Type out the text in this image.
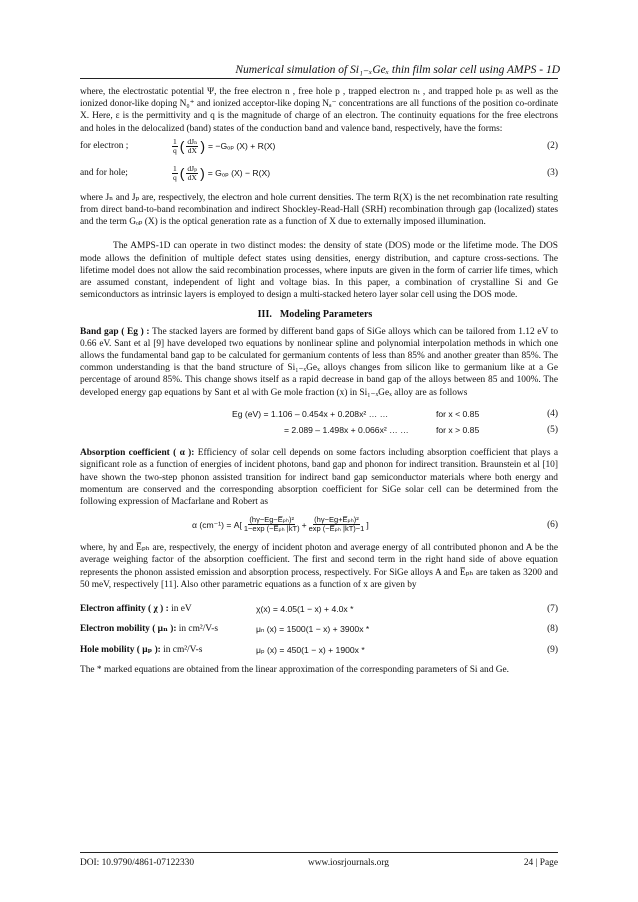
Numerical simulation of Si₁₋ₓGeₓ thin film solar cell using AMPS - 1D

where, the electrostatic potential Ψ, the free electron n , free hole p , trapped electron nₜ , and trapped hole pₜ as well as the ionized donor-like doping N₀⁺ and ionized acceptor-like doping Nₐ⁻ concentrations are all functions of the position co-ordinate X. Here, ε is the permittivity and q is the magnitude of charge of an electron. The continuity equations for the free electrons and holes in the delocalized (band) states of the conduction band and valence band, respectively, have the forms:

for electron ;	$\frac{1}{q}$ ( $\frac{\text{dJₙ}}{dX}$ ) = −Gₒₚ (X) + R(X)	(2)
and for hole;	$\frac{1}{q}$ ( $\frac{\text{dJₚ}}{dX}$ ) = Gₒₚ (X) − R(X)	(3)

where Jₙ and Jₚ are, respectively, the electron and hole current densities. The term R(X) is the net recombination rate resulting from direct band-to-band recombination and indirect Shockley-Read-Hall (SRH) recombination through gap (localized) states and the term Gₒₚ (X) is the optical generation rate as a function of X due to externally imposed illumination.

The AMPS-1D can operate in two distinct modes: the density of state (DOS) mode or the lifetime mode. The DOS mode allows the definition of multiple defect states using densities, energy distribution, and capture cross-sections. The lifetime model does not allow the said recombination processes, where inputs are given in the form of carrier life times, which are assumed constant, independent of light and voltage bias. In this paper, a combination of crystalline Si and Ge semiconductors as intrinsic layers is employed to design a multi-stacked hetero layer solar cell using the DOS mode.

III. Modeling Parameters

Band gap ( Eg ) : The stacked layers are formed by different band gaps of SiGe alloys which can be tailored from 1.12 eV to 0.66 eV. Sant et al [9] have developed two equations by nonlinear spline and polynomial interpolation methods in which one allows the fundamental band gap to be calculated for germanium contents of less than 85% and another greater than 85%. The common understanding is that the band structure of Si₁₋ₓGeₓ alloys changes from silicon like to germanium like at a Ge percentage of around 85%. This change shows itself as a rapid decrease in band gap of the alloys between 85 and 100%. The developed energy gap equations by Sant et al with Ge mole fraction (x) in Si₁₋ₓGeₓ alloy are as follows

Eg (eV) = 1.106 – 0.454x + 0.208x² … …	for x < 0.85	(4)
= 2.089 – 1.498x + 0.066x² … …	for x > 0.85	(5)

Absorption coefficient ( α ): Efficiency of solar cell depends on some factors including absorption coefficient that plays a significant role as a function of energies of incident photons, band gap and phonon for indirect transition. Braunstein et al [10] have shown the two-step phonon assisted transition for indirect band gap semiconductor materials where both energy and momentum are conserved and the corresponding absorption coefficient for SiGe solar cell can be determined from the following expression of Macfarlane and Robert as

α $(cm^{-1}) = A[ \frac{\text{(hγ−Eg−E̅ₚₕ)²}}{\text{1−exp (−E̅ₚₕ |kT)}} + \frac{\text{(hγ−Eg+E̅ₚₕ)²}}{\text{exp (−E̅ₚₕ |kT)−1}}$ ]	(6)

where, hγ and E̅ₚₕ are, respectively, the energy of incident photon and average energy of all contributed phonon and A be the average weighing factor of the absorption coefficient. The first and second term in the right hand side of above equation represents the phonon assisted emission and absorption process, respectively. For SiGe alloys A and E̅ₚₕ are taken as 3200 and 50 meV, respectively [11]. Also other parametric equations as a function of x are given by

Electron affinity ( χ ) : in eV	χ(x) = 4.05(1 − x) + 4.0x *	(7)
Electron mobility ( μₙ ): in cm²/V-s	μₙ (x) = 1500(1 − x) + 3900x *	(8)
Hole mobility ( μₚ ): in cm²/V-s	μₚ (x) = 450(1 − x) + 1900x *	(9)

The * marked equations are obtained from the linear approximation of the corresponding parameters of Si and Ge.

DOI: 10.9790/4861-07122330	www.iosrjournals.org	24 | Page
